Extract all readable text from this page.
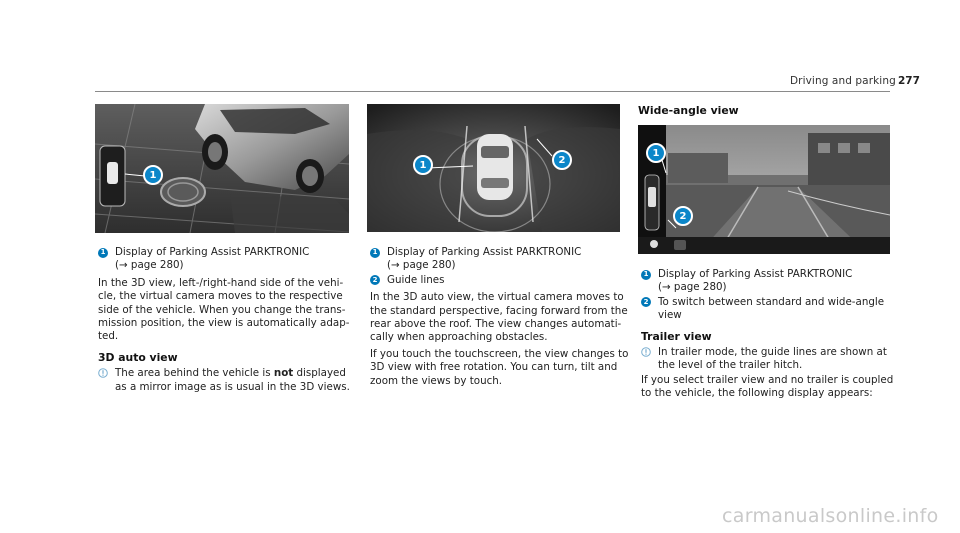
Driving and parking 277
1
1	2
1
2
1 Display of Parking Assist PARKTRONIC

(→ page 280)

In the 3D view, left-/right-hand side of the vehi-

cle, the virtual camera moves to the respective

side of the vehicle. When you change the trans-

mission position, the view is automatically adap-

ted.

3D auto view

The area behind the vehicle is not displayed

as a mirror image as is usual in the 3D views.

1 Display of Parking Assist PARKTRONIC

(→ page 280)

2 Guide lines

In the 3D auto view, the virtual camera moves to

the standard perspective, facing forward from the

rear above the roof. The view changes automati-

cally when approaching obstacles.

If you touch the touchscreen, the view changes to

3D view with free rotation. You can turn, tilt and

zoom the views by touch.

Wide-angle view

1 Display of Parking Assist PARKTRONIC

(→ page 280)

2 To switch between standard and wide-angle

view

Trailer view

In trailer mode, the guide lines are shown at

the level of the trailer hitch.

If you select trailer view and no trailer is coupled

to the vehicle, the following display appears:

carmanualsonline.info
